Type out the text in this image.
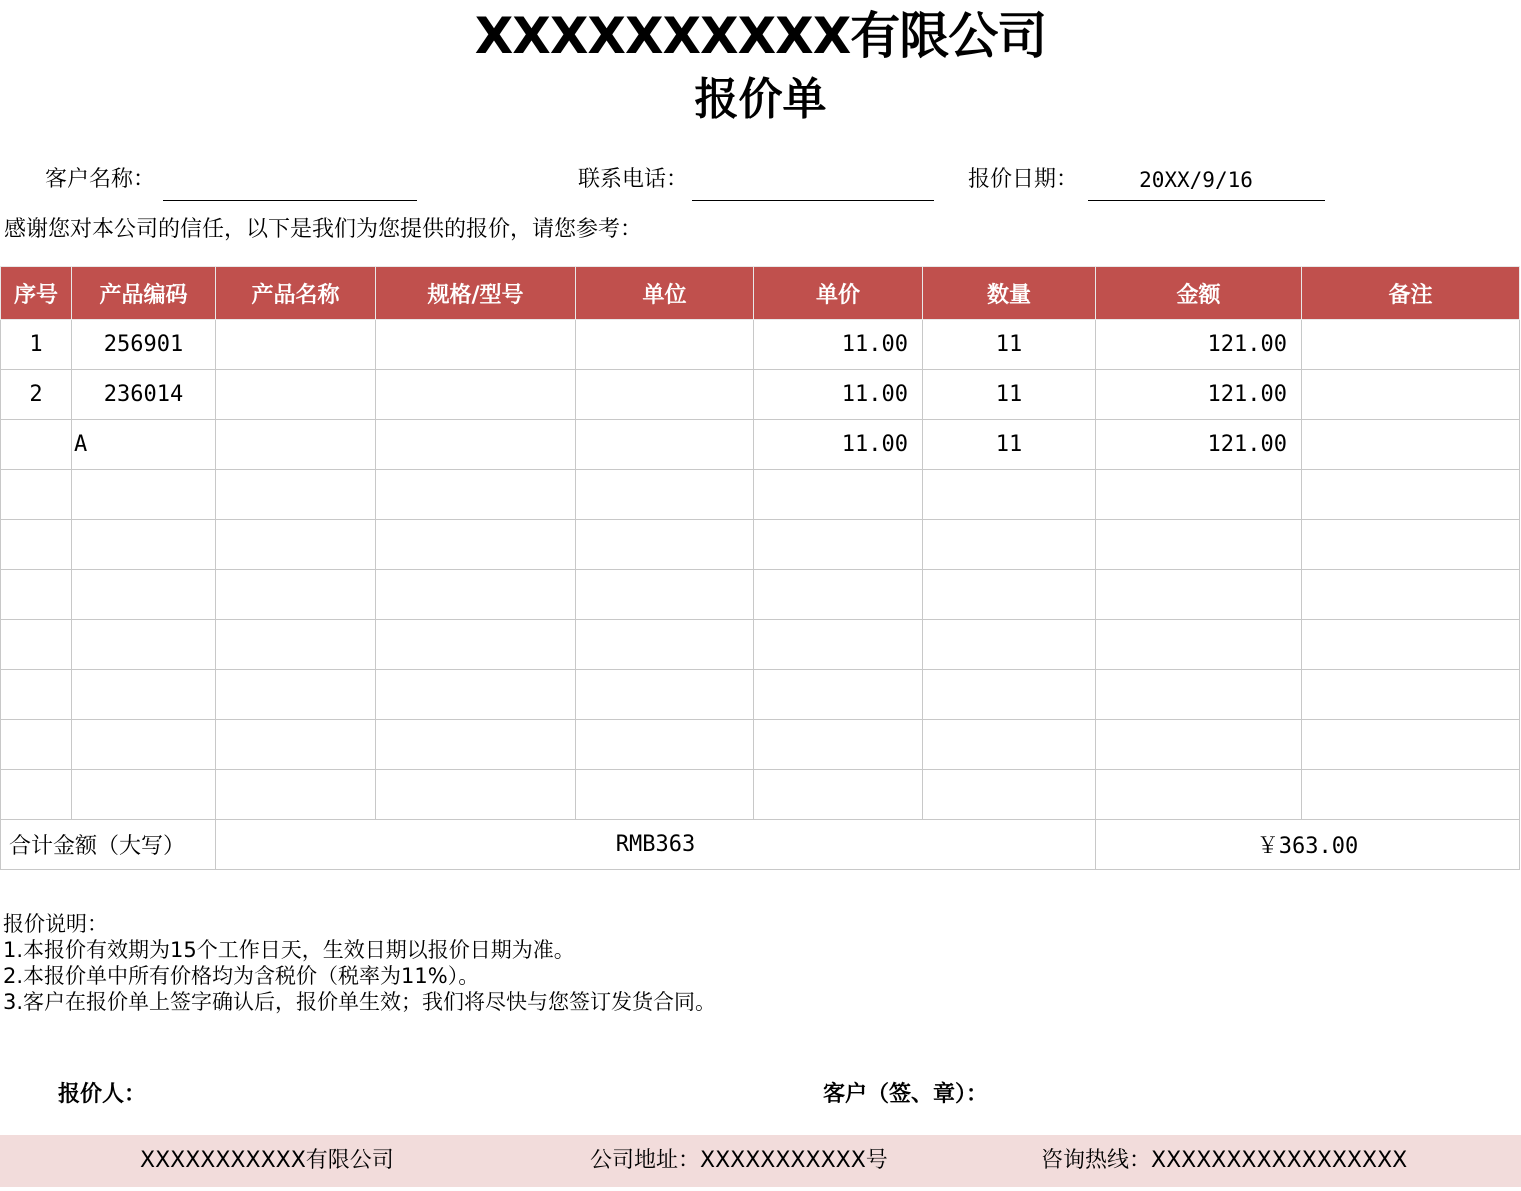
XXXXXXXXXX有限公司
报价单
客户名称：	联系电话：	报价日期：	20XX/9/16
感谢您对本公司的信任，以下是我们为您提供的报价，请您参考：
序号	产品编码	产品名称	规格/型号	单位	单价	数量	金额	备注
1	256901				11.00	11	121.00	
2	236014				11.00	11	121.00	
	A				11.00	11	121.00	

合计金额（大写）		RMB363					￥363.00	
报价说明：
1.本报价有效期为15个工作日天，生效日期以报价日期为准。
2.本报价单中所有价格均为含税价（税率为11%）。
3.客户在报价单上签字确认后，报价单生效；我们将尽快与您签订发货合同。
报价人：	客户（签、章）：
XXXXXXXXXXX有限公司	公司地址：XXXXXXXXXXX号	咨询热线：XXXXXXXXXXXXXXXXX
